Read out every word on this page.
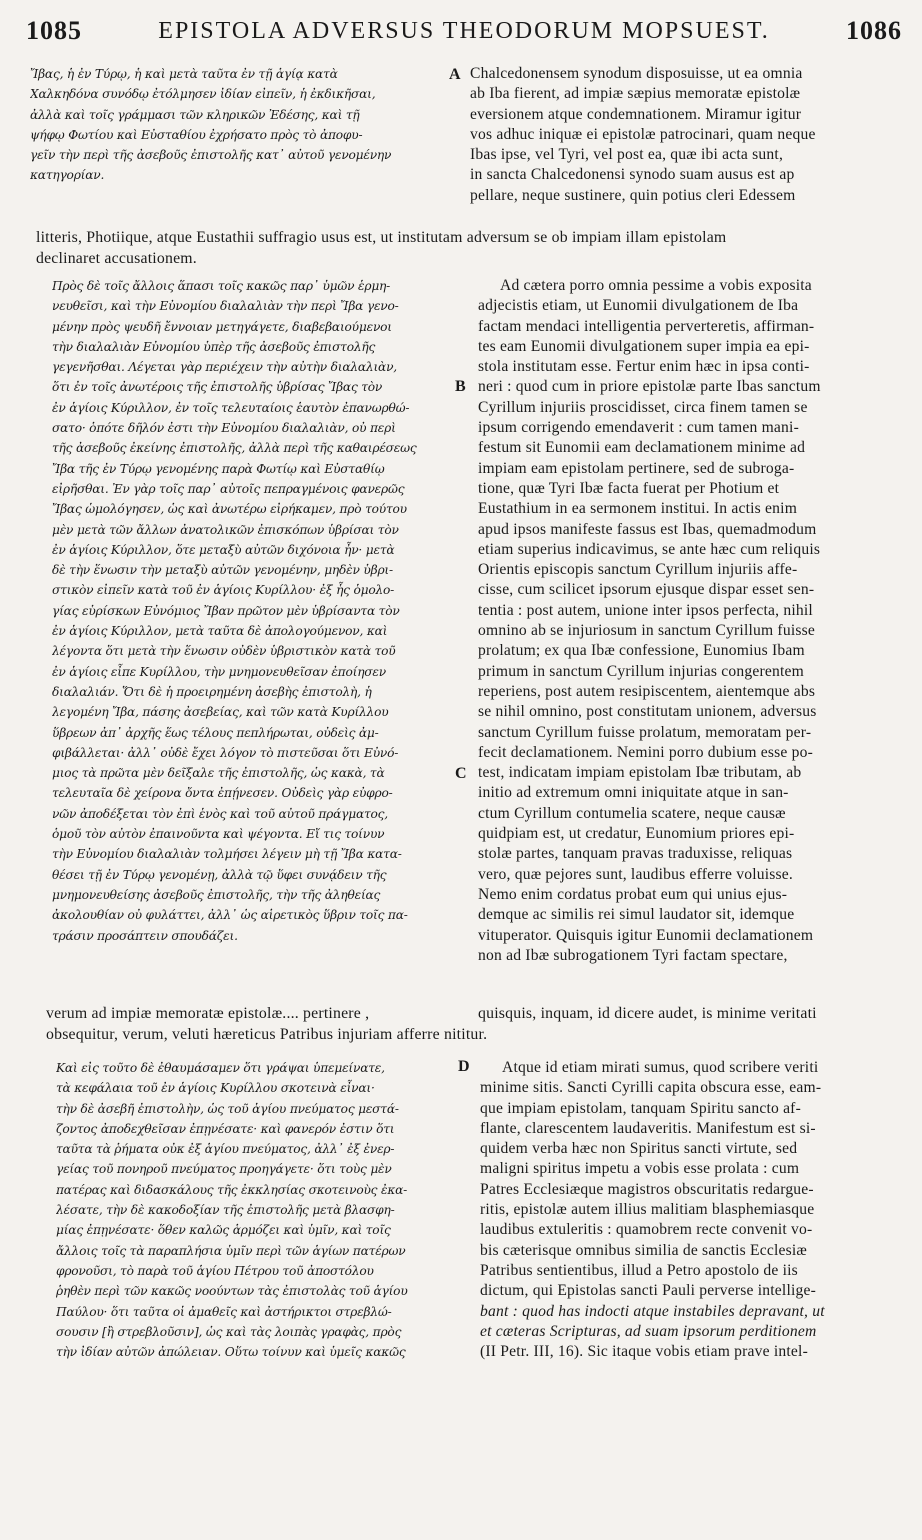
1085	EPISTOLA ADVERSUS THEODORUM MOPSUEST.	1086
Ἴβας, ἡ ἐν Τύρῳ, ἡ καὶ μετὰ ταῦτα ἐν τῇ ἁγίᾳ κατὰ
Χαλκηδόνα συνόδῳ ἐτόλμησεν ἰδίαν εἰπεῖν, ἡ ἐκδικῆσαι,
ἀλλὰ καὶ τοῖς γράμμασι τῶν κληρικῶν Ἐδέσης, καὶ τῇ
ψήφῳ Φωτίου καὶ Εὐσταθίου ἐχρήσατο πρὸς τὸ ἀποφυ-
γεῖν τὴν περὶ τῆς ἀσεβοῦς ἐπιστολῆς κατ᾽ αὐτοῦ γενομένην
κατηγορίαν.
A Chalcedonensem synodum disposuisse, ut ea omnia
ab Iba fierent, ad impiæ sæpius memoratæ epistolæ
eversionem atque condemnationem. Miramur igitur
vos adhuc iniquæ ei epistolæ patrocinari, quam neque
Ibas ipse, vel Tyri, vel post ea, quæ ibi acta sunt,
in sancta Chalcedonensi synodo suam ausus est ap
pellare, neque sustinere, quin potius cleri Edessem
litteris, Photiique, atque Eustathii suffragio usus est, ut institutam adversum se ob impiam illam epistolam
declinaret accusationem.
Πρὸς δὲ τοῖς ἄλλοις ἅπασι τοῖς κακῶς παρ᾽ ὑμῶν ἑρμη-
νευθεῖσι, καὶ τὴν Εὐνομίου διαλαλιὰν τὴν περὶ Ἴβα γενο-
μένην πρὸς ψευδῆ ἔννοιαν μετηγάγετε, διαβεβαιούμενοι
τὴν διαλαλιὰν Εὐνομίου ὑπὲρ τῆς ἀσεβοῦς ἐπιστολῆς
γεγενῆσθαι. Λέγεται γὰρ περιέχειν τὴν αὐτὴν διαλαλιὰν,
ὅτι ἐν τοῖς ἀνωτέροις τῆς ἐπιστολῆς ὑβρίσας Ἴβας τὸν
ἐν ἁγίοις Κύριλλον, ἐν τοῖς τελευταίοις ἑαυτὸν ἐπανωρθώ-
σατο· ὁπότε δῆλόν ἐστι τὴν Εὐνομίου διαλαλιὰν, οὐ περὶ
τῆς ἀσεβοῦς ἐκείνης ἐπιστολῆς, ἀλλὰ περὶ τῆς καθαιρέσεως
Ἴβα τῆς ἐν Τύρῳ γενομένης παρὰ Φωτίῳ καὶ Εὐσταθίῳ
εἰρῆσθαι. Ἐν γὰρ τοῖς παρ᾽ αὐτοῖς πεπραγμένοις φανερῶς
Ἴβας ὡμολόγησεν, ὡς καὶ ἀνωτέρω εἰρήκαμεν, πρὸ τούτου
μὲν μετὰ τῶν ἄλλων ἀνατολικῶν ἐπισκόπων ὑβρίσαι τὸν
ἐν ἁγίοις Κύριλλον, ὅτε μεταξὺ αὐτῶν διχόνοια ἦν· μετὰ
δὲ τὴν ἕνωσιν τὴν μεταξὺ αὐτῶν γενομένην, μηδὲν ὑβρι-
στικὸν εἰπεῖν κατὰ τοῦ ἐν ἁγίοις Κυρίλλου· ἐξ ἧς ὁμολο-
γίας εὑρίσκων Εὐνόμιος Ἴβαν πρῶτον μὲν ὑβρίσαντα τὸν
ἐν ἁγίοις Κύριλλον, μετὰ ταῦτα δὲ ἀπολογούμενον, καὶ
λέγοντα ὅτι μετὰ τὴν ἕνωσιν οὐδὲν ὑβριστικὸν κατὰ τοῦ
ἐν ἁγίοις εἶπε Κυρίλλου, τὴν μνημονευθεῖσαν ἐποίησεν
διαλαλιάν. Ὅτι δὲ ἡ προειρημένη ἀσεβὴς ἐπιστολὴ, ἡ
λεγομένη Ἴβα, πάσης ἀσεβείας, καὶ τῶν κατὰ Κυρίλλου
ὕβρεων ἀπ᾽ ἀρχῆς ἕως τέλους πεπλήρωται, οὐδεὶς ἀμ-
φιβάλλεται· ἀλλ᾽ οὐδὲ ἔχει λόγον τὸ πιστεῦσαι ὅτι Εὐνό-
μιος τὰ πρῶτα μὲν δεῖξαλε τῆς ἐπιστολῆς, ὡς κακὰ, τὰ
τελευταῖα δὲ χείρονα ὄντα ἐπῄνεσεν. Οὐδεὶς γὰρ εὐφρο-
νῶν ἀποδέξεται τὸν ἐπὶ ἑνὸς καὶ τοῦ αὐτοῦ πράγματος,
ὁμοῦ τὸν αὐτὸν ἐπαινοῦντα καὶ ψέγοντα. Εἴ τις τοίνυν
τὴν Εὐνομίου διαλαλιὰν τολμήσει λέγειν μὴ τῇ Ἴβα κατα-
θέσει τῇ ἐν Τύρῳ γενομένῃ, ἀλλὰ τῷ ὕφει συνᾴδειν τῆς
μνημονευθείσης ἀσεβοῦς ἐπιστολῆς, τὴν τῆς ἀληθείας
ἀκολουθίαν οὐ φυλάττει, ἀλλ᾽ ὡς αἱρετικὸς ὕβριν τοῖς πα-
τράσιν προσάπτειν σπουδάζει.
B
C
Ad cætera porro omnia pessime a vobis exposita
adjecistis etiam, ut Eunomii divulgationem de Iba
factam mendaci intelligentia perverteretis, affirman-
tes eam Eunomii divulgationem super impia ea epi-
stola institutam esse. Fertur enim hæc in ipsa conti-
neri : quod cum in priore epistolæ parte Ibas sanctum
Cyrillum injuriis proscidisset, circa finem tamen se
ipsum corrigendo emendaverit : cum tamen mani-
festum sit Eunomii eam declamationem minime ad
impiam eam epistolam pertinere, sed de subroga-
tione, quæ Tyri Ibæ facta fuerat per Photium et
Eustathium in ea sermonem institui. In actis enim
apud ipsos manifeste fassus est Ibas, quemadmodum
etiam superius indicavimus, se ante hæc cum reliquis
Orientis episcopis sanctum Cyrillum injuriis affe-
cisse, cum scilicet ipsorum ejusque dispar esset sen-
tentia : post autem, unione inter ipsos perfecta, nihil
omnino ab se injuriosum in sanctum Cyrillum fuisse
prolatum; ex qua Ibæ confessione, Eunomius Ibam
primum in sanctum Cyrillum injurias congerentem
reperiens, post autem resipiscentem, aientemque abs
se nihil omnino, post constitutam unionem, adversus
sanctum Cyrillum fuisse prolatum, memoratam per-
fecit declamationem. Nemini porro dubium esse po-
test, indicatam impiam epistolam Ibæ tributam, ab
initio ad extremum omni iniquitate atque in san-
ctum Cyrillum contumelia scatere, neque causæ
quidpiam est, ut credatur, Eunomium priores epi-
stolæ partes, tanquam pravas traduxisse, reliquas
vero, quæ pejores sunt, laudibus efferre voluisse.
Nemo enim cordatus probat eum qui unius ejus-
demque ac similis rei simul laudator sit, idemque
vituperator. Quisquis igitur Eunomii declamationem
non ad Ibæ subrogationem Tyri factam spectare,
quisquis, inquam, id dicere audet, is minime veritati
verum ad impiæ memoratæ epistolæ.... pertinere ,
obsequitur, verum, veluti hæreticus Patribus injuriam afferre nititur.
Καὶ εἰς τοῦτο δὲ ἐθαυμάσαμεν ὅτι γράψαι ὑπεμείνατε,
τὰ κεφάλαια τοῦ ἐν ἁγίοις Κυρίλλου σκοτεινὰ εἶναι·
τὴν δὲ ἀσεβῆ ἐπιστολὴν, ὡς τοῦ ἁγίου πνεύματος μεστά-
ζοντος ἀποδεχθεῖσαν ἐπῃνέσατε· καὶ φανερόν ἐστιν ὅτι
ταῦτα τὰ ῥήματα οὐκ ἐξ ἁγίου πνεύματος, ἀλλ᾽ ἐξ ἐνερ-
γείας τοῦ πονηροῦ πνεύματος προηγάγετε· ὅτι τοὺς μὲν
πατέρας καὶ διδασκάλους τῆς ἐκκλησίας σκοτεινοὺς ἐκα-
λέσατε, τὴν δὲ κακοδοξίαν τῆς ἐπιστολῆς μετὰ βλασφη-
μίας ἐπῃνέσατε· ὅθεν καλῶς ἁρμόζει καὶ ὑμῖν, καὶ τοῖς
ἄλλοις τοῖς τὰ παραπλήσια ὑμῖν περὶ τῶν ἁγίων πατέρων
φρονοῦσι, τὸ παρὰ τοῦ ἁγίου Πέτρου τοῦ ἀποστόλου
ῥηθὲν περὶ τῶν κακῶς νοούντων τὰς ἐπιστολὰς τοῦ ἁγίου
Παύλου· ὅτι ταῦτα οἱ ἀμαθεῖς καὶ ἀστήρικτοι στρεβλώ-
σουσιν [ἢ στρεβλοῦσιν], ὡς καὶ τὰς λοιπὰς γραφὰς, πρὸς
τὴν ἰδίαν αὐτῶν ἀπώλειαν. Οὕτω τοίνυν καὶ ὑμεῖς κακῶς
D	Atque id etiam mirati sumus, quod scribere veriti
minime sitis. Sancti Cyrilli capita obscura esse, eam-
que impiam epistolam, tanquam Spiritu sancto af-
flante, clarescentem laudaveritis. Manifestum est si-
quidem verba hæc non Spiritus sancti virtute, sed
maligni spiritus impetu a vobis esse prolata : cum
Patres Ecclesiæque magistros obscuritatis redargue-
ritis, epistolæ autem illius malitiam blasphemiasque
laudibus extuleritis : quamobrem recte convenit vo-
bis cæterisque omnibus similia de sanctis Ecclesiæ
Patribus sentientibus, illud a Petro apostolo de iis
dictum, qui Epistolas sancti Pauli perverse intellige-
bant : quod has indocti atque instabiles depravant, ut
et cæteras Scripturas, ad suam ipsorum perditionem
(II Petr. III, 16). Sic itaque vobis etiam prave intel-
